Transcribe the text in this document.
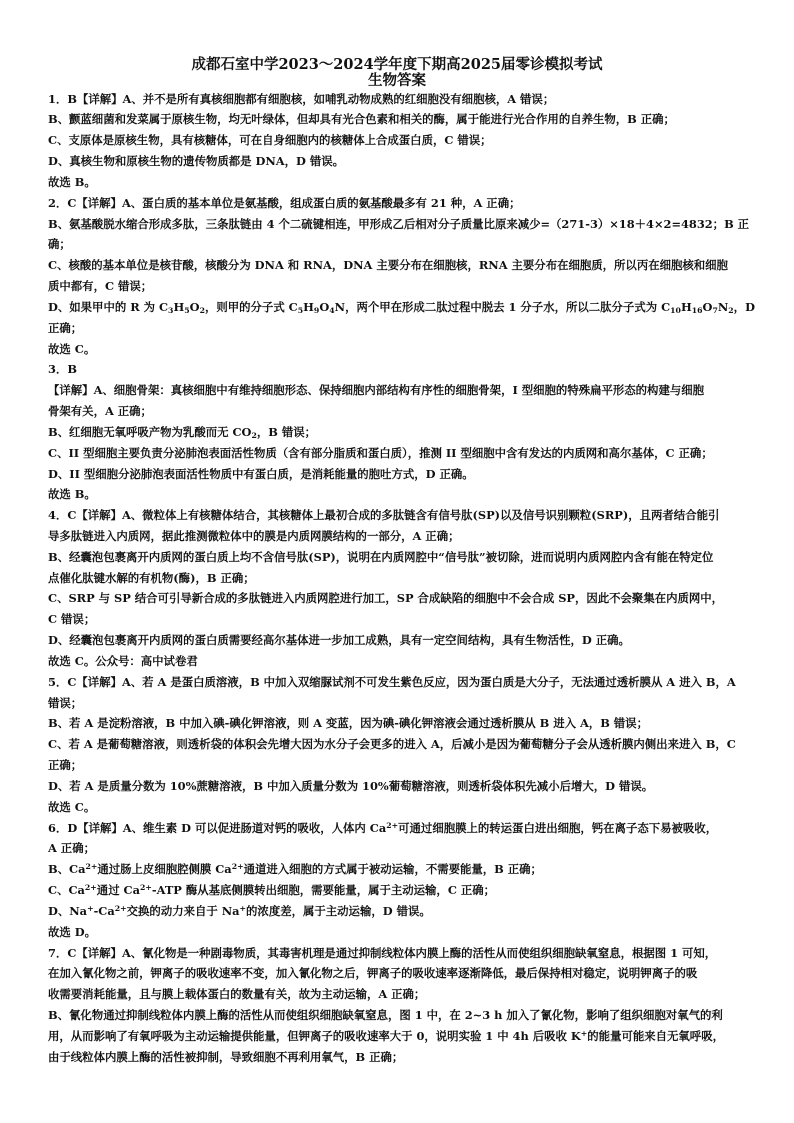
成都石室中学2023～2024学年度下期高2025届零诊模拟考试
生物答案
1．B【详解】A、并不是所有真核细胞都有细胞核，如哺乳动物成熟的红细胞没有细胞核，A 错误；
B、颤蓝细菌和发菜属于原核生物，均无叶绿体，但却具有光合色素和相关的酶，属于能进行光合作用的自养生物，B 正确；
C、支原体是原核生物，具有核糖体，可在自身细胞内的核糖体上合成蛋白质，C 错误；
D、真核生物和原核生物的遗传物质都是 DNA，D 错误。
故选 B。
2．C【详解】A、蛋白质的基本单位是氨基酸，组成蛋白质的氨基酸最多有 21 种，A 正确；
B、氨基酸脱水缩合形成多肽，三条肽链由 4 个二硫键相连，甲形成乙后相对分子质量比原来减少=（271-3）×18＋4×2=4832；B 正
确；
C、核酸的基本单位是核苷酸，核酸分为 DNA 和 RNA，DNA 主要分布在细胞核，RNA 主要分布在细胞质，所以丙在细胞核和细胞
质中都有，C 错误；
D、如果甲中的 R 为 $C_3H_5O_2$，则甲的分子式 $C_5H_9O_4N$，两个甲在形成二肽过程中脱去 1 分子水，所以二肽分子式为 $C_{10}H_{16}O_7N_2$，D
正确；
故选 C。
3．B
【详解】A、细胞骨架：真核细胞中有维持细胞形态、保持细胞内部结构有序性的细胞骨架，I 型细胞的特殊扁平形态的构建与细胞
骨架有关，A 正确；
B、红细胞无氧呼吸产物为乳酸而无 $CO_2$，B 错误；
C、II 型细胞主要负责分泌肺泡表面活性物质（含有部分脂质和蛋白质），推测 II 型细胞中含有发达的内质网和高尔基体，C 正确；
D、II 型细胞分泌肺泡表面活性物质中有蛋白质，是消耗能量的胞吐方式，D 正确。
故选 B。
4．C【详解】A、微粒体上有核糖体结合，其核糖体上最初合成的多肽链含有信号肽(SP)以及信号识别颗粒(SRP)，且两者结合能引
导多肽链进入内质网，据此推测微粒体中的膜是内质网膜结构的一部分，A 正确；
B、经囊泡包裹离开内质网的蛋白质上均不含信号肽(SP)，说明在内质网腔中“信号肽”被切除，进而说明内质网腔内含有能在特定位
点催化肽键水解的有机物(酶)，B 正确；
C、SRP 与 SP 结合可引导新合成的多肽链进入内质网腔进行加工，SP 合成缺陷的细胞中不会合成 SP，因此不会聚集在内质网中，
C 错误；
D、经囊泡包裹离开内质网的蛋白质需要经高尔基体进一步加工成熟，具有一定空间结构，具有生物活性，D 正确。
故选 C。公众号：高中试卷君
5．C【详解】A、若 A 是蛋白质溶液，B 中加入双缩脲试剂不可发生紫色反应，因为蛋白质是大分子，无法通过透析膜从 A 进入 B，A
错误；
B、若 A 是淀粉溶液，B 中加入碘-碘化钾溶液，则 A 变蓝，因为碘-碘化钾溶液会通过透析膜从 B 进入 A，B 错误；
C、若 A 是葡萄糖溶液，则透析袋的体积会先增大因为水分子会更多的进入 A，后减小是因为葡萄糖分子会从透析膜内侧出来进入 B，C
正确；
D、若 A 是质量分数为 10%蔗糖溶液，B 中加入质量分数为 10%葡萄糖溶液，则透析袋体积先减小后增大，D 错误。
故选 C。
6．D【详解】A、维生素 D 可以促进肠道对钙的吸收，人体内 $Ca^{2+}$可通过细胞膜上的转运蛋白进出细胞，钙在离子态下易被吸收，
A 正确；
B、$Ca^{2+}$通过肠上皮细胞腔侧膜 $Ca^{2+}$通道进入细胞的方式属于被动运输，不需要能量，B 正确；
C、$Ca^{2+}$通过 $Ca^{2+}$-ATP 酶从基底侧膜转出细胞，需要能量，属于主动运输，C 正确；
D、$Na^+-Ca^{2+}$交换的动力来自于 Na+的浓度差，属于主动运输，D 错误。
故选 D。
7．C【详解】A、氰化物是一种剧毒物质，其毒害机理是通过抑制线粒体内膜上酶的活性从而使组织细胞缺氧窒息，根据图 1 可知，
在加入氰化物之前，钾离子的吸收速率不变，加入氰化物之后，钾离子的吸收速率逐渐降低，最后保持相对稳定，说明钾离子的吸
收需要消耗能量，且与膜上载体蛋白的数量有关，故为主动运输，A 正确；
B、氰化物通过抑制线粒体内膜上酶的活性从而使组织细胞缺氧窒息，图 1 中，在 2~3 h 加入了氰化物，影响了组织细胞对氧气的利
用，从而影响了有氧呼吸为主动运输提供能量，但钾离子的吸收速率大于 0，说明实验 1 中 4h 后吸收 K+的能量可能来自无氧呼吸，
由于线粒体内膜上酶的活性被抑制，导致细胞不再利用氧气，B 正确；
